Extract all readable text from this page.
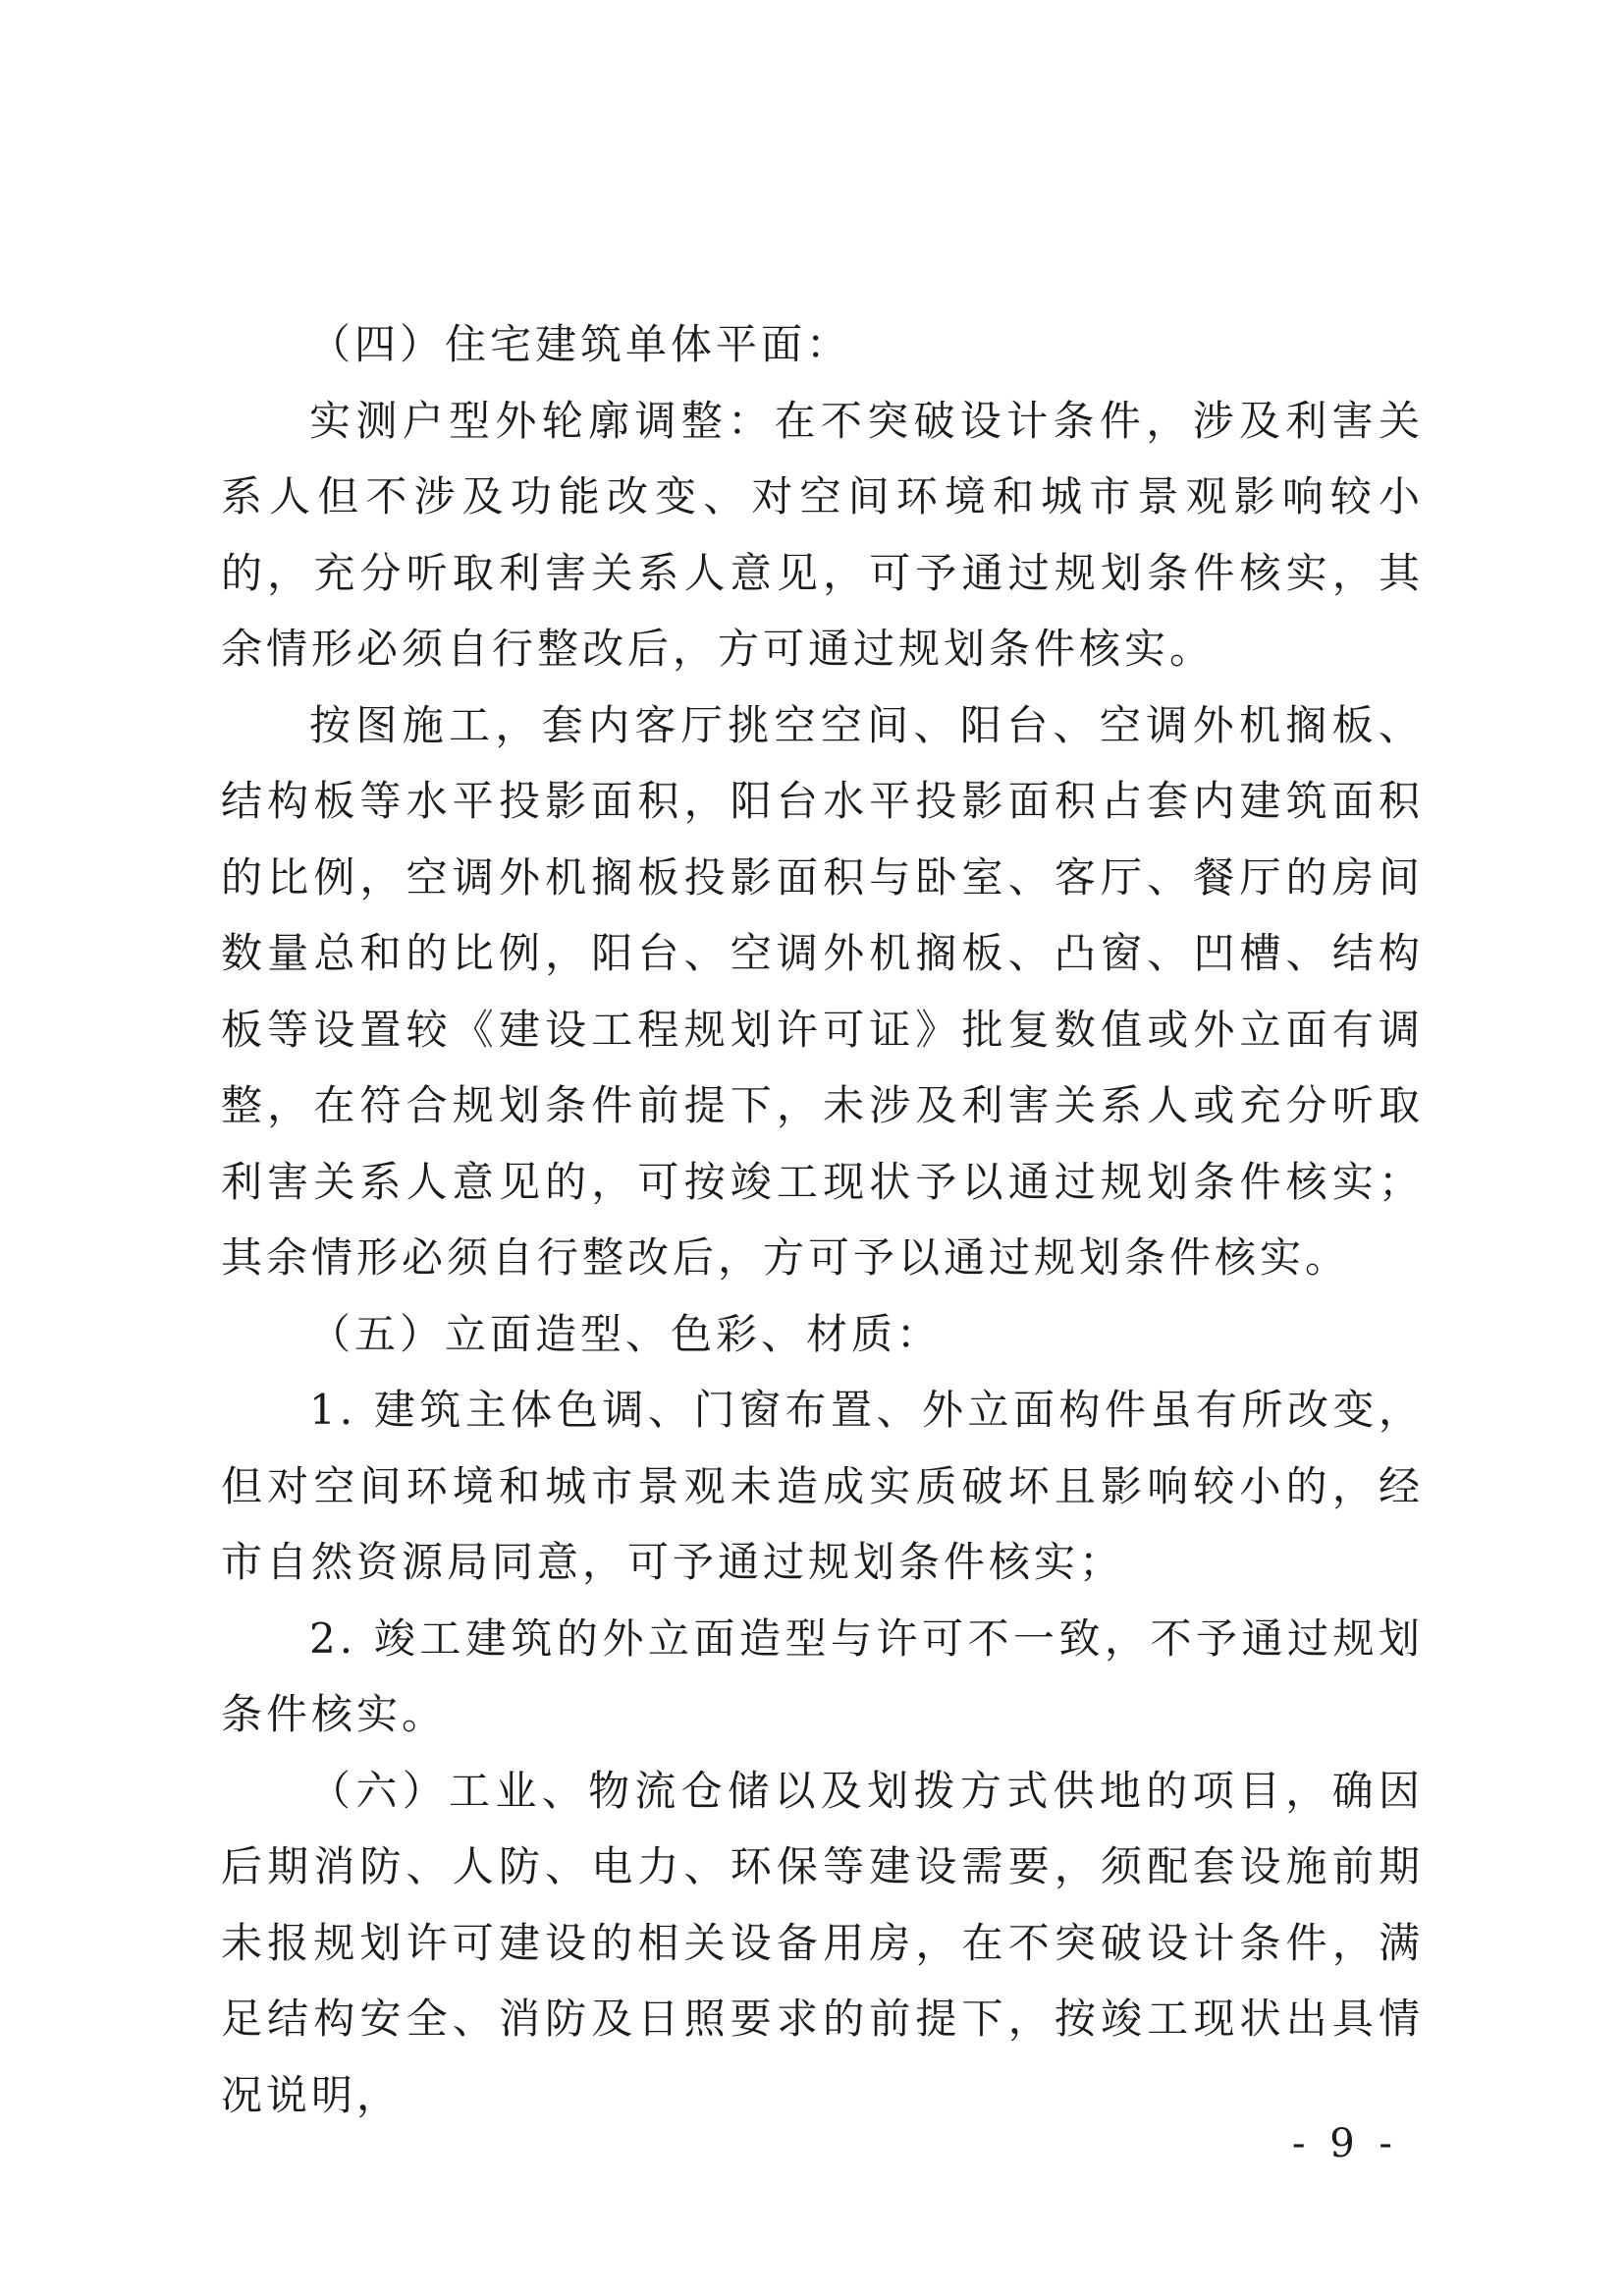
（四）住宅建筑单体平面：

实测户型外轮廓调整：在不突破设计条件，涉及利害关系人但不涉及功能改变、对空间环境和城市景观影响较小的，充分听取利害关系人意见，可予通过规划条件核实，其余情形必须自行整改后，方可通过规划条件核实。

按图施工，套内客厅挑空空间、阳台、空调外机搁板、结构板等水平投影面积，阳台水平投影面积占套内建筑面积的比例，空调外机搁板投影面积与卧室、客厅、餐厅的房间数量总和的比例，阳台、空调外机搁板、凸窗、凹槽、结构板等设置较《建设工程规划许可证》批复数值或外立面有调整，在符合规划条件前提下，未涉及利害关系人或充分听取利害关系人意见的，可按竣工现状予以通过规划条件核实；其余情形必须自行整改后，方可予以通过规划条件核实。

（五）立面造型、色彩、材质：

1. 建筑主体色调、门窗布置、外立面构件虽有所改变，但对空间环境和城市景观未造成实质破坏且影响较小的，经市自然资源局同意，可予通过规划条件核实；

2. 竣工建筑的外立面造型与许可不一致，不予通过规划条件核实。

（六）工业、物流仓储以及划拨方式供地的项目，确因后期消防、人防、电力、环保等建设需要，须配套设施前期未报规划许可建设的相关设备用房，在不突破设计条件，满足结构安全、消防及日照要求的前提下，按竣工现状出具情况说明，

- 9 -
